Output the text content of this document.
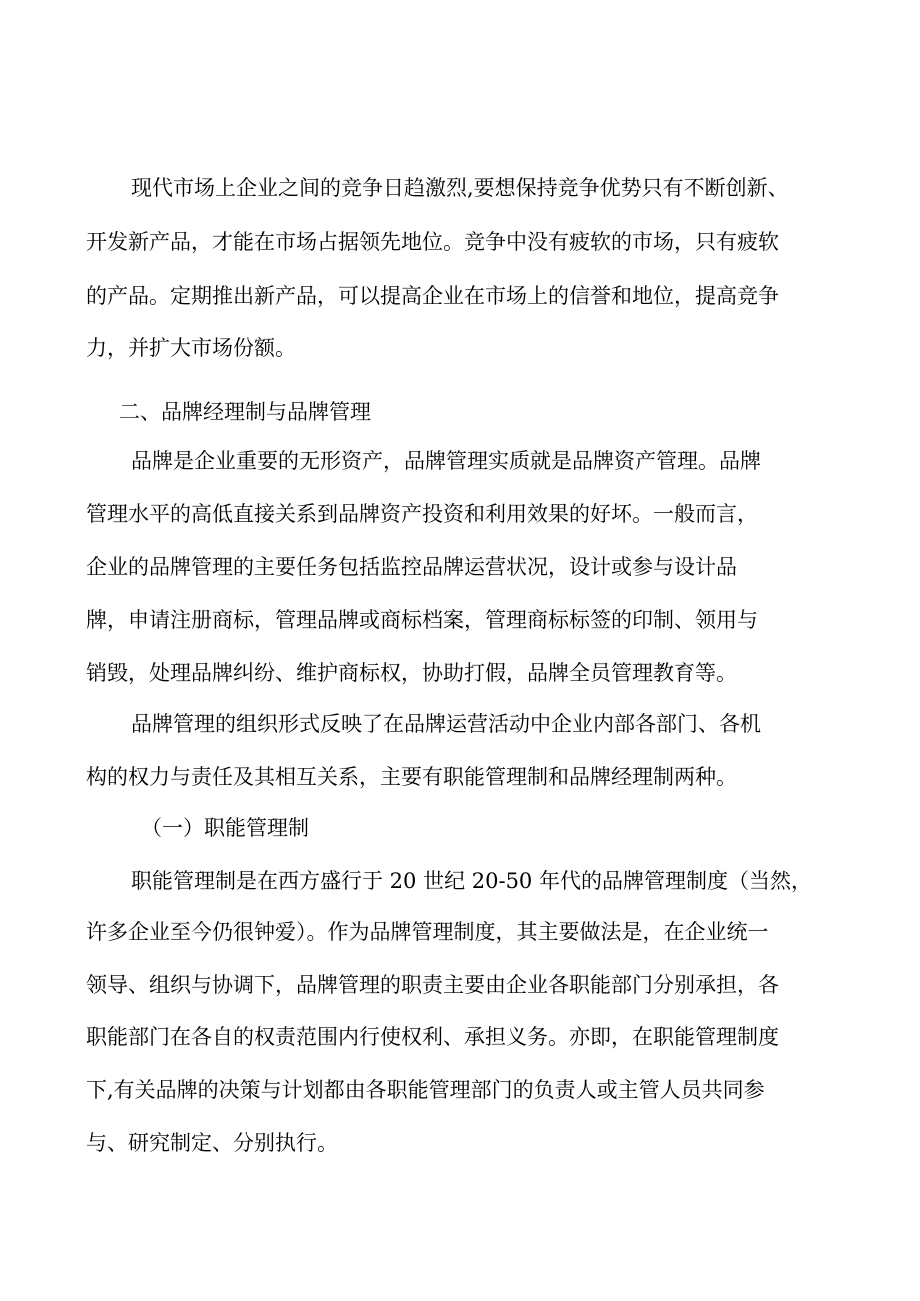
现代市场上企业之间的竞争日趋激烈,要想保持竞争优势只有不断创新、

开发新产品，才能在市场占据领先地位。竞争中没有疲软的市场，只有疲软

的产品。定期推出新产品，可以提高企业在市场上的信誉和地位，提高竞争

力，并扩大市场份额。

二、品牌经理制与品牌管理

品牌是企业重要的无形资产，品牌管理实质就是品牌资产管理。品牌

管理水平的高低直接关系到品牌资产投资和利用效果的好坏。一般而言，

企业的品牌管理的主要任务包括监控品牌运营状况，设计或参与设计品

牌，申请注册商标，管理品牌或商标档案，管理商标标签的印制、领用与

销毁，处理品牌纠纷、维护商标权，协助打假，品牌全员管理教育等。

品牌管理的组织形式反映了在品牌运营活动中企业内部各部门、各机

构的权力与责任及其相互关系，主要有职能管理制和品牌经理制两种。

（一）职能管理制

职能管理制是在西方盛行于 20 世纪 20-50 年代的品牌管理制度（当然，

许多企业至今仍很钟爱）。作为品牌管理制度，其主要做法是，在企业统一

领导、组织与协调下，品牌管理的职责主要由企业各职能部门分别承担，各

职能部门在各自的权责范围内行使权利、承担义务。亦即，在职能管理制度

下,有关品牌的决策与计划都由各职能管理部门的负责人或主管人员共同参

与、研究制定、分别执行。
